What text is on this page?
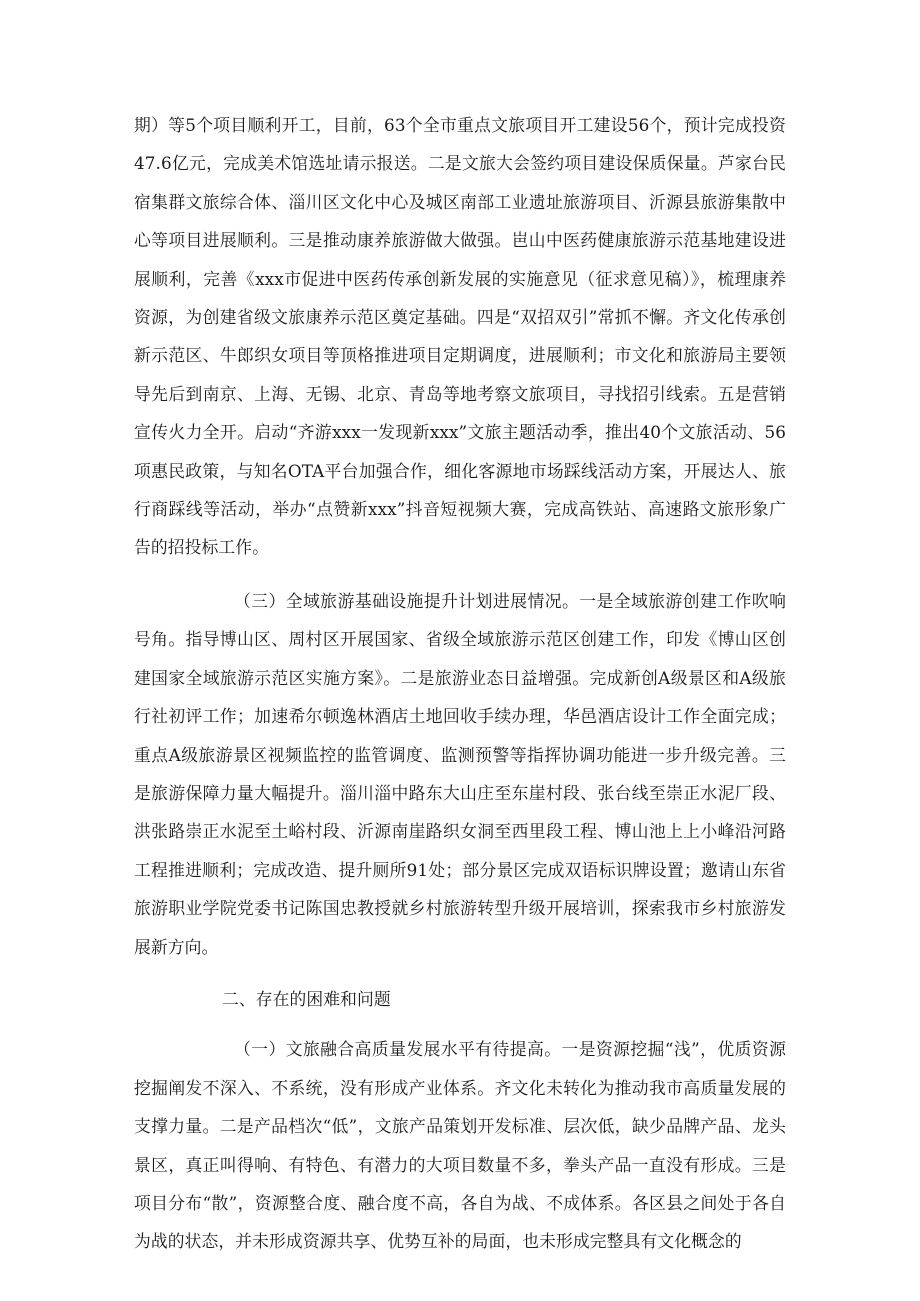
期）等5个项目顺利开工，目前，63个全市重点文旅项目开工建设56个，预计完成投资47.6亿元，完成美术馆选址请示报送。二是文旅大会签约项目建设保质保量。芦家台民宿集群文旅综合体、淄川区文化中心及城区南部工业遗址旅游项目、沂源县旅游集散中心等项目进展顺利。三是推动康养旅游做大做强。岜山中医药健康旅游示范基地建设进展顺利，完善《xxx市促进中医药传承创新发展的实施意见（征求意见稿）》，梳理康养资源，为创建省级文旅康养示范区奠定基础。四是“双招双引”常抓不懈。齐文化传承创新示范区、牛郎织女项目等顶格推进项目定期调度，进展顺利；市文化和旅游局主要领导先后到南京、上海、无锡、北京、青岛等地考察文旅项目，寻找招引线索。五是营销宣传火力全开。启动“齐游xxx一发现新xxx”文旅主题活动季，推出40个文旅活动、56项惠民政策，与知名OTA平台加强合作，细化客源地市场踩线活动方案，开展达人、旅行商踩线等活动，举办“点赞新xxx”抖音短视频大赛，完成高铁站、高速路文旅形象广告的招投标工作。

（三）全域旅游基础设施提升计划进展情况。一是全域旅游创建工作吹响号角。指导博山区、周村区开展国家、省级全域旅游示范区创建工作，印发《博山区创建国家全域旅游示范区实施方案》。二是旅游业态日益增强。完成新创A级景区和A级旅行社初评工作；加速希尔顿逸林酒店土地回收手续办理，华邑酒店设计工作全面完成；重点A级旅游景区视频监控的监管调度、监测预警等指挥协调功能进一步升级完善。三是旅游保障力量大幅提升。淄川淄中路东大山庄至东崖村段、张台线至崇正水泥厂段、洪张路崇正水泥至土峪村段、沂源南崖路织女洞至西里段工程、博山池上上小峰沿河路工程推进顺利；完成改造、提升厕所91处；部分景区完成双语标识牌设置；邀请山东省旅游职业学院党委书记陈国忠教授就乡村旅游转型升级开展培训，探索我市乡村旅游发展新方向。

二、存在的困难和问题

（一）文旅融合高质量发展水平有待提高。一是资源挖掘“浅”，优质资源挖掘阐发不深入、不系统，没有形成产业体系。齐文化未转化为推动我市高质量发展的支撑力量。二是产品档次“低”，文旅产品策划开发标准、层次低，缺少品牌产品、龙头景区，真正叫得响、有特色、有潜力的大项目数量不多，拳头产品一直没有形成。三是项目分布“散”，资源整合度、融合度不高，各自为战、不成体系。各区县之间处于各自为战的状态，并未形成资源共享、优势互补的局面，也未形成完整具有文化概念的
